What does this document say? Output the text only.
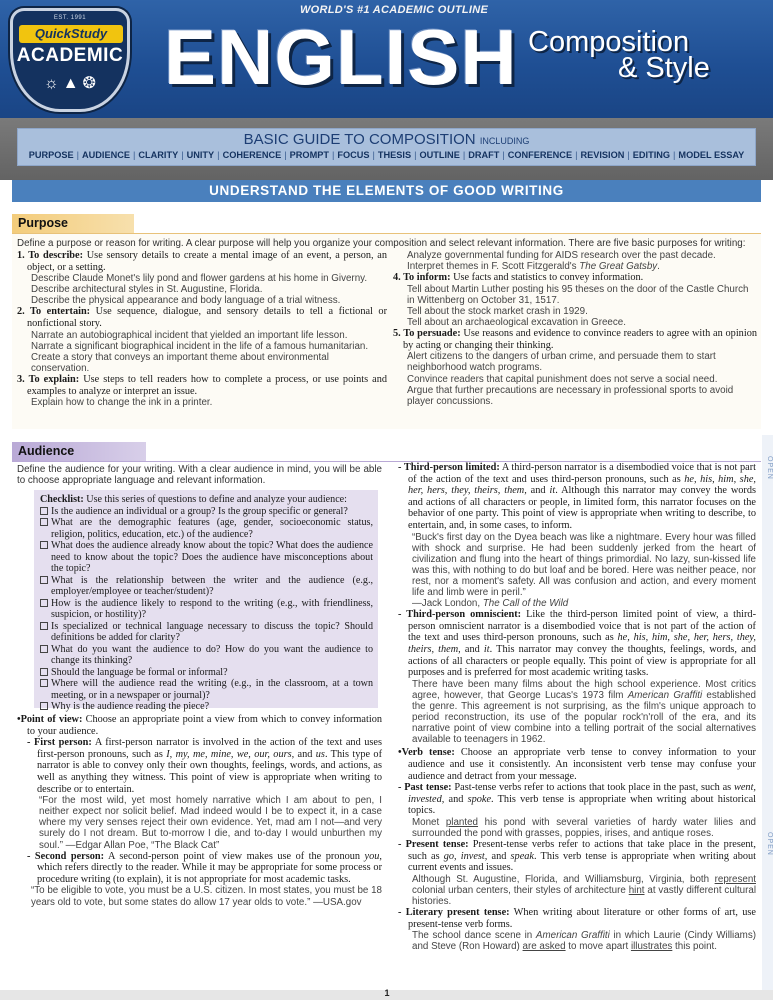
EST. 1991
QuickStudy
ACADEMIC
☼ ▲ ❂
WORLD'S #1 ACADEMIC OUTLINE
ENGLISH Composition
& Style
BASIC GUIDE TO COMPOSITION INCLUDING
PURPOSE | AUDIENCE | CLARITY | UNITY | COHERENCE | PROMPT | FOCUS | THESIS | OUTLINE | DRAFT | CONFERENCE | REVISION | EDITING | MODEL ESSAY
UNDERSTAND THE ELEMENTS OF GOOD WRITING
Purpose
Define a purpose or reason for writing. A clear purpose will help you organize your composition and select relevant information. There are five basic purposes for writing:

1. To describe: Use sensory details to create a mental image of an event, a person, an object, or a setting.

Describe Claude Monet's lily pond and flower gardens at his home in Giverny.

Describe architectural styles in St. Augustine, Florida.

Describe the physical appearance and body language of a trial witness.

2. To entertain: Use sequence, dialogue, and sensory details to tell a fictional or nonfictional story.

Narrate an autobiographical incident that yielded an important life lesson.

Narrate a significant biographical incident in the life of a famous humanitarian.

Create a story that conveys an important theme about environmental conservation.

3. To explain: Use steps to tell readers how to complete a process, or use points and examples to analyze or interpret an issue.

Explain how to change the ink in a printer.

Analyze governmental funding for AIDS research over the past decade.

Interpret themes in F. Scott Fitzgerald's The Great Gatsby.

4. To inform: Use facts and statistics to convey information.

Tell about Martin Luther posting his 95 theses on the door of the Castle Church in Wittenberg on October 31, 1517.

Tell about the stock market crash in 1929.

Tell about an archaeological excavation in Greece.

5. To persuade: Use reasons and evidence to convince readers to agree with an opinion by acting or changing their thinking.

Alert citizens to the dangers of urban crime, and persuade them to start neighborhood watch programs.

Convince readers that capital punishment does not serve a social need.

Argue that further precautions are necessary in professional sports to avoid player concussions.

Audience
Define the audience for your writing. With a clear audience in mind, you will be able to choose appropriate language and relevant information.

Checklist: Use this series of questions to define and analyze your audience:

Is the audience an individual or a group? Is the group specific or general?

What are the demographic features (age, gender, socioeconomic status, religion, politics, education, etc.) of the audience?

What does the audience already know about the topic? What does the audience need to know about the topic? Does the audience have misconceptions about the topic?

What is the relationship between the writer and the audience (e.g., employer/employee or teacher/student)?

How is the audience likely to respond to the writing (e.g., with friendliness, suspicion, or hostility)?

Is specialized or technical language necessary to discuss the topic? Should definitions be added for clarity?

What do you want the audience to do? How do you want the audience to change its thinking?

Should the language be formal or informal?

Where will the audience read the writing (e.g., in the classroom, at a town meeting, or in a newspaper or journal)?

Why is the audience reading the piece?

•Point of view: Choose an appropriate point a view from which to convey information to your audience.

- First person: A first-person narrator is involved in the action of the text and uses first-person pronouns, such as I, my, me, mine, we, our, ours, and us. This type of narrator is able to convey only their own thoughts, feelings, words, and actions, as well as anything they witness. This point of view is appropriate when writing to describe or to entertain.

“For the most wild, yet most homely narrative which I am about to pen, I neither expect nor solicit belief. Mad indeed would I be to expect it, in a case where my very senses reject their own evidence. Yet, mad am I not—and very surely do I not dream. But to-morrow I die, and to-day I would unburthen my soul.” —Edgar Allan Poe, “The Black Cat”

- Second person: A second-person point of view makes use of the pronoun you, which refers directly to the reader. While it may be appropriate for some process or procedure writing (to explain), it is not appropriate for most academic tasks.

“To be eligible to vote, you must be a U.S. citizen. In most states, you must be 18 years old to vote, but some states do allow 17 year olds to vote.” —USA.gov

- Third-person limited: A third-person narrator is a disembodied voice that is not part of the action of the text and uses third-person pronouns, such as he, his, him, she, her, hers, they, theirs, them, and it. Although this narrator may convey the words and actions of all characters or people, in limited form, this narrator focuses on the behavior of one party. This point of view is appropriate when writing to describe, to entertain, and, in some cases, to inform.

“Buck's first day on the Dyea beach was like a nightmare. Every hour was filled with shock and surprise. He had been suddenly jerked from the heart of civilization and flung into the heart of things primordial. No lazy, sun-kissed life was this, with nothing to do but loaf and be bored. Here was neither peace, nor rest, nor a moment's safety. All was confusion and action, and every moment life and limb were in peril.”

—Jack London, The Call of the Wild

- Third-person omniscient: Like the third-person limited point of view, a third-person omniscient narrator is a disembodied voice that is not part of the action of the text and uses third-person pronouns, such as he, his, him, she, her, hers, they, theirs, them, and it. This narrator may convey the thoughts, feelings, words, and actions of all characters or people equally. This point of view is appropriate for all purposes and is preferred for most academic writing tasks.

There have been many films about the high school experience. Most critics agree, however, that George Lucas's 1973 film American Graffiti established the genre. This agreement is not surprising, as the film's unique approach to period reconstruction, its use of the popular rock'n'roll of the era, and its narrative point of view combine into a telling portrait of the social alternatives available to teenagers in 1962.

•Verb tense: Choose an appropriate verb tense to convey information to your audience and use it consistently. An inconsistent verb tense may confuse your audience and detract from your message.

- Past tense: Past-tense verbs refer to actions that took place in the past, such as went, invested, and spoke. This verb tense is appropriate when writing about historical topics.

Monet planted his pond with several varieties of hardy water lilies and surrounded the pond with grasses, poppies, irises, and antique roses.

- Present tense: Present-tense verbs refer to actions that take place in the present, such as go, invest, and speak. This verb tense is appropriate when writing about current events and issues.

Although St. Augustine, Florida, and Williamsburg, Virginia, both represent colonial urban centers, their styles of architecture hint at vastly different cultural histories.

- Literary present tense: When writing about literature or other forms of art, use present-tense verb forms.

The school dance scene in American Graffiti in which Laurie (Cindy Williams) and Steve (Ron Howard) are asked to move apart illustrates this point.

OPEN
OPEN
1
